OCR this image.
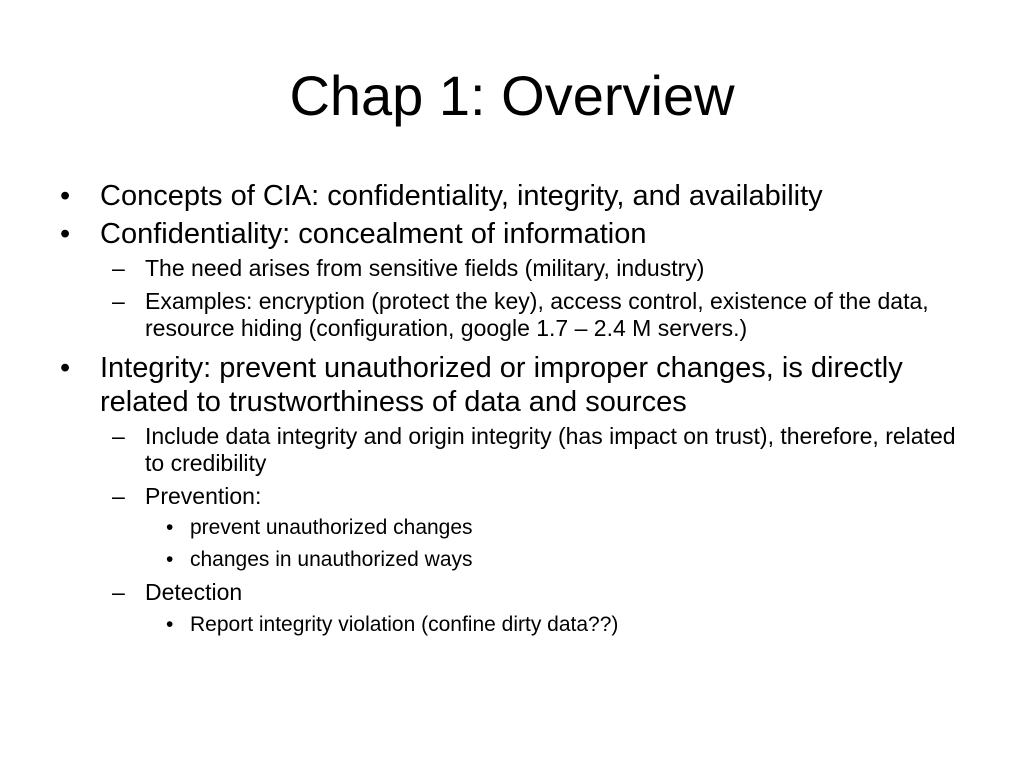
Chap 1: Overview
• Concepts of CIA: confidentiality, integrity, and availability
• Confidentiality: concealment of information
– The need arises from sensitive fields (military, industry)
– Examples: encryption (protect the key), access control, existence of the data, resource hiding (configuration, google 1.7 – 2.4 M servers.)
• Integrity: prevent unauthorized or improper changes, is directly related to trustworthiness of data and sources
– Include data integrity and origin integrity (has impact on trust), therefore, related to credibility
– Prevention:
• prevent unauthorized changes
• changes in unauthorized ways
– Detection
• Report integrity violation (confine dirty data??)
